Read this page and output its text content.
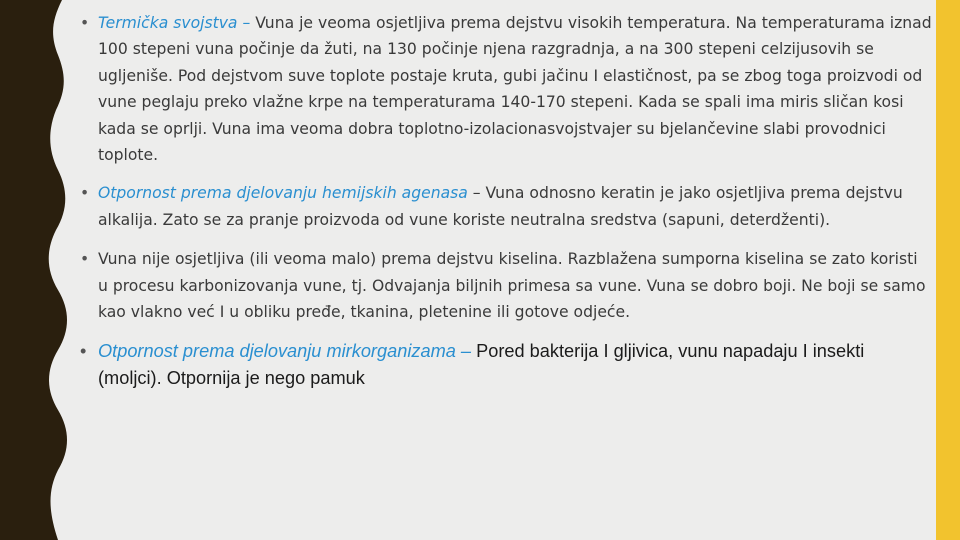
• Termička svojstva – Vuna je veoma osjetljiva prema dejstvu visokih temperatura. Na temperaturama iznad 100 stepeni vuna počinje da žuti, na 130 počinje njena razgradnja, a na 300 stepeni celzijusovih se ugljeniše. Pod dejstvom suve toplote postaje kruta, gubi jačinu I elastičnost, pa se zbog toga proizvodi od vune peglaju preko vlažne krpe na temperaturama 140-170 stepeni. Kada se spali ima miris sličan kosi kada se oprlji. Vuna ima veoma dobra toplotno-izolacionasvojstvajer su bjelančevine slabi provodnici toplote.
• Otpornost prema djelovanju hemijskih agenasa – Vuna odnosno keratin je jako osjetljiva prema dejstvu alkalija. Zato se za pranje proizvoda od vune koriste neutralna sredstva (sapuni, deterdženti).
• Vuna nije osjetljiva (ili veoma malo) prema dejstvu kiselina. Razblažena sumporna kiselina se zato koristi u procesu karbonizovanja vune, tj. Odvajanja biljnih primesa sa vune. Vuna se dobro boji. Ne boji se samo kao vlakno već I u obliku pređe, tkanina, pletenine ili gotove odjeće.
• Otpornost prema djelovanju mirkorganizama – Pored bakterija I gljivica, vunu napadaju I insekti (moljci). Otpornija je nego pamuk
